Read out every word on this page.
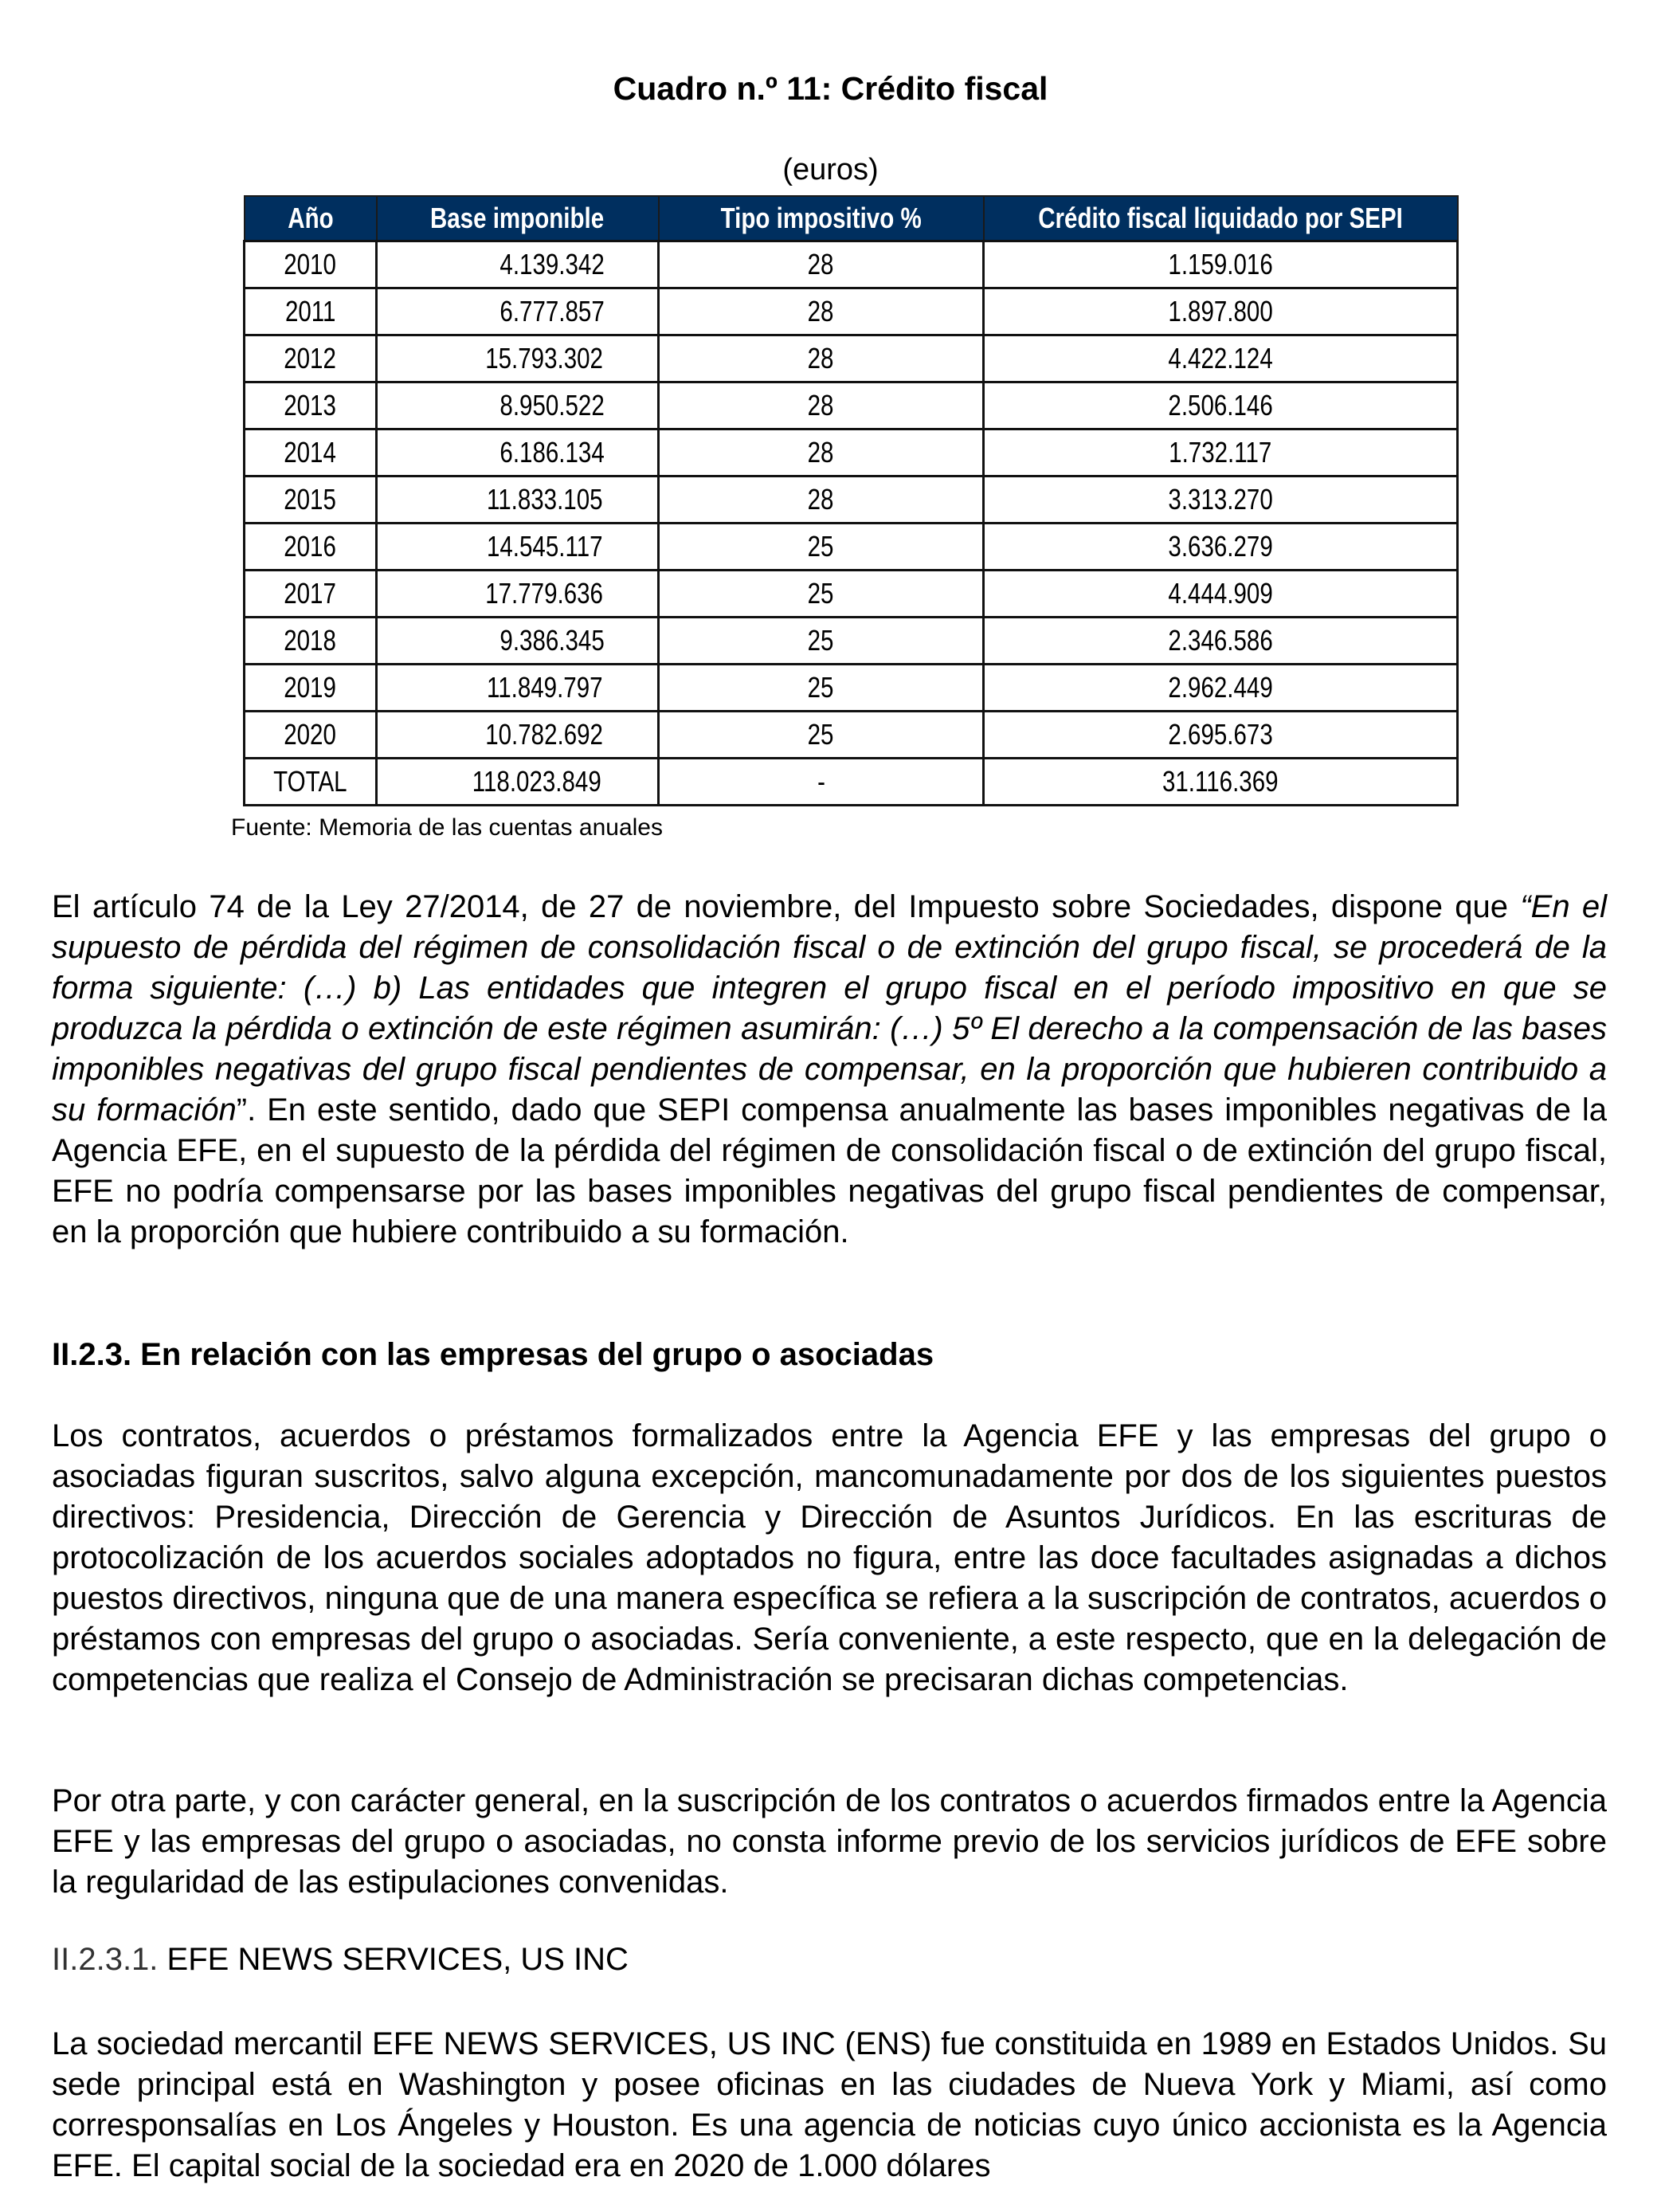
Cuadro n.º 11: Crédito fiscal
(euros)
Año	Base imponible	Tipo impositivo %	Crédito fiscal liquidado por SEPI
2010	4.139.342	28	1.159.016
2011	6.777.857	28	1.897.800
2012	15.793.302	28	4.422.124
2013	8.950.522	28	2.506.146
2014	6.186.134	28	1.732.117
2015	11.833.105	28	3.313.270
2016	14.545.117	25	3.636.279
2017	17.779.636	25	4.444.909
2018	9.386.345	25	2.346.586
2019	11.849.797	25	2.962.449
2020	10.782.692	25	2.695.673
TOTAL	118.023.849	-	31.116.369
Fuente: Memoria de las cuentas anuales

El artículo 74 de la Ley 27/2014, de 27 de noviembre, del Impuesto sobre Sociedades, dispone que “En el supuesto de pérdida del régimen de consolidación fiscal o de extinción del grupo fiscal, se procederá de la forma siguiente: (…) b) Las entidades que integren el grupo fiscal en el período impositivo en que se produzca la pérdida o extinción de este régimen asumirán: (…) 5º El derecho a la compensación de las bases imponibles negativas del grupo fiscal pendientes de compensar, en la proporción que hubieren contribuido a su formación”. En este sentido, dado que SEPI compensa anualmente las bases imponibles negativas de la Agencia EFE, en el supuesto de la pérdida del régimen de consolidación fiscal o de extinción del grupo fiscal, EFE no podría compensarse por las bases imponibles negativas del grupo fiscal pendientes de compensar, en la proporción que hubiere contribuido a su formación.

II.2.3. En relación con las empresas del grupo o asociadas

Los contratos, acuerdos o préstamos formalizados entre la Agencia EFE y las empresas del grupo o asociadas figuran suscritos, salvo alguna excepción, mancomunadamente por dos de los siguientes puestos directivos: Presidencia, Dirección de Gerencia y Dirección de Asuntos Jurídicos. En las escrituras de protocolización de los acuerdos sociales adoptados no figura, entre las doce facultades asignadas a dichos puestos directivos, ninguna que de una manera específica se refiera a la suscripción de contratos, acuerdos o préstamos con empresas del grupo o asociadas. Sería conveniente, a este respecto, que en la delegación de competencias que realiza el Consejo de Administración se precisaran dichas competencias.

Por otra parte, y con carácter general, en la suscripción de los contratos o acuerdos firmados entre la Agencia EFE y las empresas del grupo o asociadas, no consta informe previo de los servicios jurídicos de EFE sobre la regularidad de las estipulaciones convenidas.

II.2.3.1. EFE NEWS SERVICES, US INC

La sociedad mercantil EFE NEWS SERVICES, US INC (ENS) fue constituida en 1989 en Estados Unidos. Su sede principal está en Washington y posee oficinas en las ciudades de Nueva York y Miami, así como corresponsalías en Los Ángeles y Houston. Es una agencia de noticias cuyo único accionista es la Agencia EFE. El capital social de la sociedad era en 2020 de 1.000 dólares
